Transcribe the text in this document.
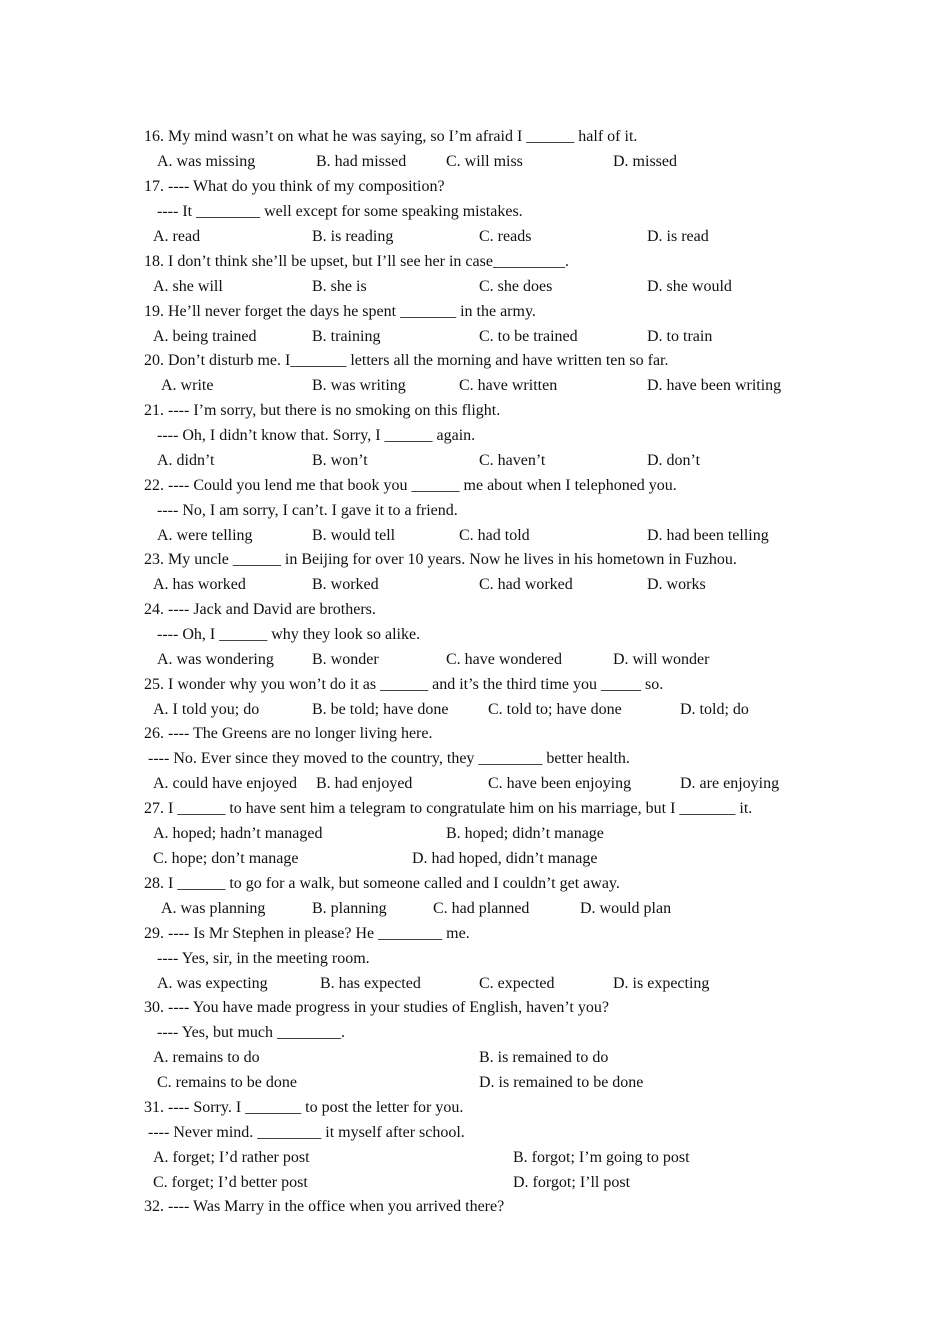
16. My mind wasn’t on what he was saying, so I’m afraid I ______ half of it.
A. was missing	B. had missed C. will miss	D. missed
17. ---- What do you think of my composition?
---- It ________ well except for some speaking mistakes.
A. read	B. is reading	C. reads	D. is read
18. I don’t think she’ll be upset, but I’ll see her in case_________.
A. she will	B. she is	C. she does	D. she would
19. He’ll never forget the days he spent _______ in the army.
A. being trained	B. training	C. to be trained	D. to train
20. Don’t disturb me. I_______ letters all the morning and have written ten so far.
A. write	B. was writing	C. have written	D. have been writing
21. ---- I’m sorry, but there is no smoking on this flight.
---- Oh, I didn’t know that. Sorry, I ______ again.
A. didn’t	B. won’t	C. haven’t	D. don’t
22. ---- Could you lend me that book you ______ me about when I telephoned you.
---- No, I am sorry, I can’t. I gave it to a friend.
A. were telling	B. would tell	C. had told	D. had been telling
23. My uncle ______ in Beijing for over 10 years. Now he lives in his hometown in Fuzhou.
A. has worked	B. worked	C. had worked	D. works
24. ---- Jack and David are brothers.
---- Oh, I ______ why they look so alike.
A. was wondering B. wonder	C. have wondered	D. will wonder
25. I wonder why you won’t do it as ______ and it’s the third time you _____ so.
A. I told you; do	B. be told; have done C. told to; have done	D. told; do
26. ---- The Greens are no longer living here.
---- No. Ever since they moved to the country, they ________ better health.
A. could have enjoyed B. had enjoyed	C. have been enjoying	D. are enjoying
27. I ______ to have sent him a telegram to congratulate him on his marriage, but I _______ it.
A. hoped; hadn’t managed	B. hoped; didn’t manage
C. hope; don’t manage	D. had hoped, didn’t manage
28. I ______ to go for a walk, but someone called and I couldn’t get away.
A. was planning	B. planning	C. had planned	D. would plan
29. ---- Is Mr Stephen in please? He ________ me.
---- Yes, sir, in the meeting room.
A. was expecting	B. has expected	C. expected	D. is expecting
30. ---- You have made progress in your studies of English, haven’t you?
---- Yes, but much ________.
A. remains to do	B. is remained to do
C. remains to be done	D. is remained to be done
31. ---- Sorry. I _______ to post the letter for you.
---- Never mind. ________ it myself after school.
A. forget; I’d rather post	B. forgot; I’m going to post
C. forget; I’d better post	D. forgot; I’ll post
32. ---- Was Marry in the office when you arrived there?
